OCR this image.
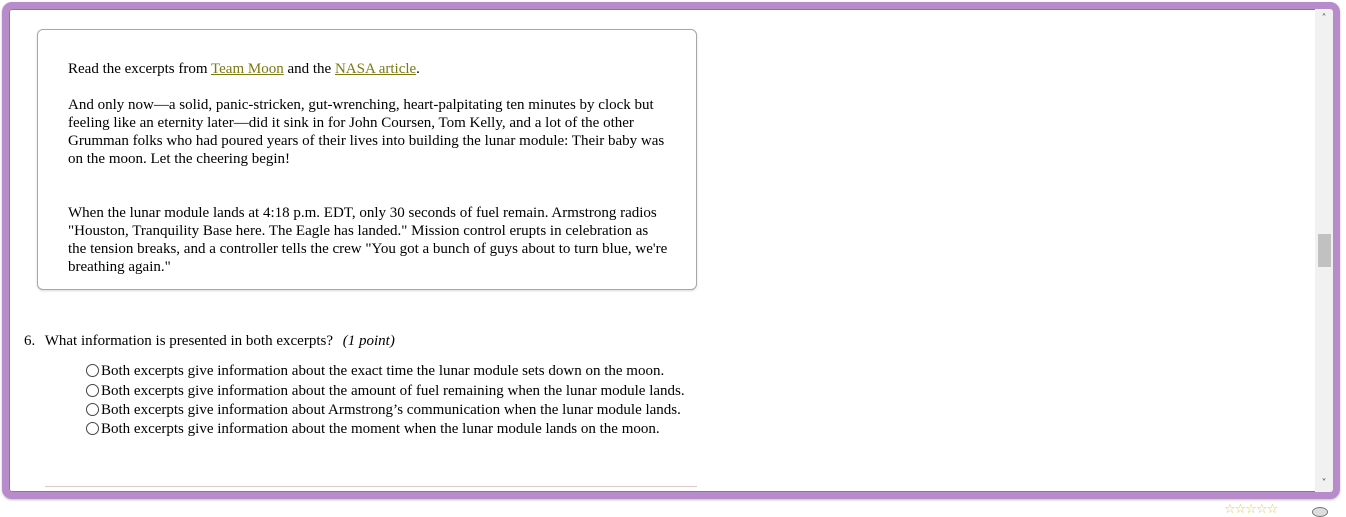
Read the excerpts from Team Moon and the NASA article.

And only now—a solid, panic-stricken, gut-wrenching, heart-palpitating ten minutes by clock but feeling like an eternity later—did it sink in for John Coursen, Tom Kelly, and a lot of the other Grumman folks who had poured years of their lives into building the lunar module: Their baby was on the moon. Let the cheering begin!

When the lunar module lands at 4:18 p.m. EDT, only 30 seconds of fuel remain. Armstrong radios "Houston, Tranquility Base here. The Eagle has landed." Mission control erupts in celebration as the tension breaks, and a controller tells the crew "You got a bunch of guys about to turn blue, we're breathing again."

6. What information is presented in both excerpts? (1 point)
Both excerpts give information about the exact time the lunar module sets down on the moon.
Both excerpts give information about the amount of fuel remaining when the lunar module lands.
Both excerpts give information about Armstrong’s communication when the lunar module lands.
Both excerpts give information about the moment when the lunar module lands on the moon.
˄
˅
☆☆☆☆☆
